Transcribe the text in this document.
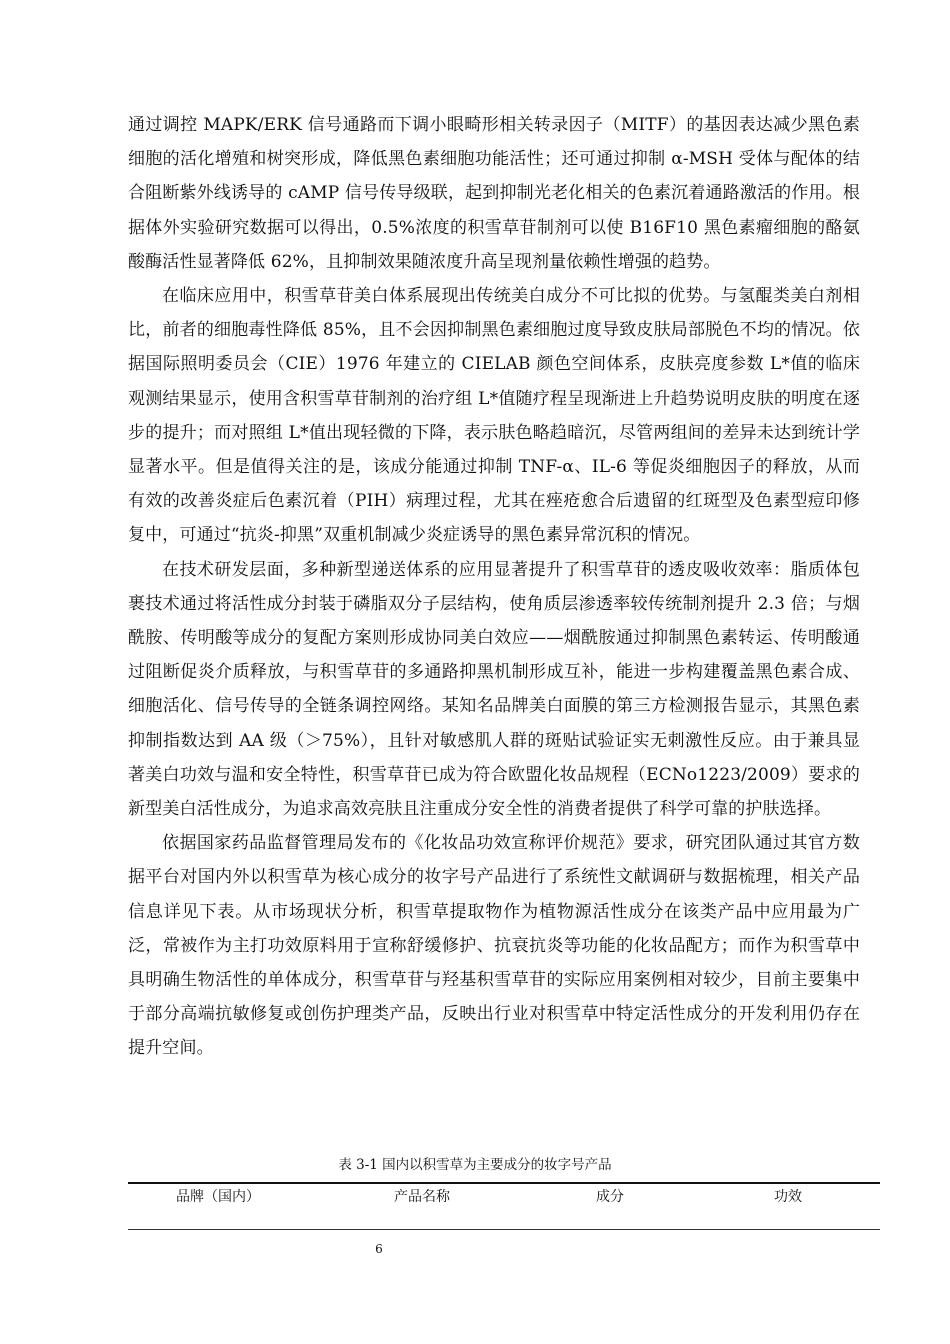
通过调控 MAPK/ERK 信号通路而下调小眼畸形相关转录因子（MITF）的基因表达减少黑色素细胞的活化增殖和树突形成，降低黑色素细胞功能活性；还可通过抑制 α-MSH 受体与配体的结合阻断紫外线诱导的 cAMP 信号传导级联，起到抑制光老化相关的色素沉着通路激活的作用。根据体外实验研究数据可以得出，0.5%浓度的积雪草苷制剂可以使 B16F10 黑色素瘤细胞的酪氨酸酶活性显著降低 62%，且抑制效果随浓度升高呈现剂量依赖性增强的趋势。

在临床应用中，积雪草苷美白体系展现出传统美白成分不可比拟的优势。与氢醌类美白剂相比，前者的细胞毒性降低 85%，且不会因抑制黑色素细胞过度导致皮肤局部脱色不均的情况。依据国际照明委员会（CIE）1976 年建立的 CIELAB 颜色空间体系，皮肤亮度参数 L*值的临床观测结果显示，使用含积雪草苷制剂的治疗组 L*值随疗程呈现渐进上升趋势说明皮肤的明度在逐步的提升；而对照组 L*值出现轻微的下降，表示肤色略趋暗沉，尽管两组间的差异未达到统计学显著水平。但是值得关注的是，该成分能通过抑制 TNF-α、IL-6 等促炎细胞因子的释放，从而有效的改善炎症后色素沉着（PIH）病理过程，尤其在痤疮愈合后遗留的红斑型及色素型痘印修复中，可通过“抗炎-抑黑”双重机制减少炎症诱导的黑色素异常沉积的情况。

在技术研发层面，多种新型递送体系的应用显著提升了积雪草苷的透皮吸收效率：脂质体包裹技术通过将活性成分封装于磷脂双分子层结构，使角质层渗透率较传统制剂提升 2.3 倍；与烟酰胺、传明酸等成分的复配方案则形成协同美白效应——烟酰胺通过抑制黑色素转运、传明酸通过阻断促炎介质释放，与积雪草苷的多通路抑黑机制形成互补，能进一步构建覆盖黑色素合成、细胞活化、信号传导的全链条调控网络。某知名品牌美白面膜的第三方检测报告显示，其黑色素抑制指数达到 AA 级（＞75%），且针对敏感肌人群的斑贴试验证实无刺激性反应。由于兼具显著美白功效与温和安全特性，积雪草苷已成为符合欧盟化妆品规程（ECNo1223/2009）要求的新型美白活性成分，为追求高效亮肤且注重成分安全性的消费者提供了科学可靠的护肤选择。

依据国家药品监督管理局发布的《化妆品功效宣称评价规范》要求，研究团队通过其官方数据平台对国内外以积雪草为核心成分的妆字号产品进行了系统性文献调研与数据梳理，相关产品信息详见下表。从市场现状分析，积雪草提取物作为植物源活性成分在该类产品中应用最为广泛，常被作为主打功效原料用于宣称舒缓修护、抗衰抗炎等功能的化妆品配方；而作为积雪草中具明确生物活性的单体成分，积雪草苷与羟基积雪草苷的实际应用案例相对较少，目前主要集中于部分高端抗敏修复或创伤护理类产品，反映出行业对积雪草中特定活性成分的开发利用仍存在提升空间。

表 3-1 国内以积雪草为主要成分的妆字号产品
品牌（国内）	产品名称	成分	功效
6
